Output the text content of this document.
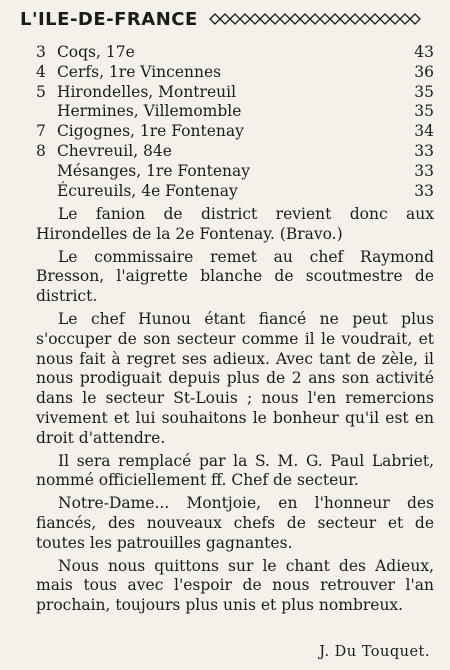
L'ILE-DE-FRANCE
3 Coqs, 17e	43
4 Cerfs, 1re Vincennes	36
5 Hirondelles, Montreuil	35
Hermines, Villemomble	35
7 Cigognes, 1re Fontenay	34
8 Chevreuil, 84e	33
Mésanges, 1re Fontenay	33
Écureuils, 4e Fontenay	33

Le fanion de district revient donc aux Hirondelles de la 2e Fontenay. (Bravo.)

Le commissaire remet au chef Raymond Bresson, l'aigrette blanche de scoutmestre de district.

Le chef Hunou étant fiancé ne peut plus s'occuper de son secteur comme il le voudrait, et nous fait à regret ses adieux. Avec tant de zèle, il nous prodiguait depuis plus de 2 ans son activité dans le secteur St-Louis ; nous l'en remercions vivement et lui souhaitons le bonheur qu'il est en droit d'attendre.

Il sera remplacé par la S. M. G. Paul Labriet, nommé officiellement ff. Chef de secteur.

Notre-Dame... Montjoie, en l'honneur des fiancés, des nouveaux chefs de secteur et de toutes les patrouilles gagnantes.

Nous nous quittons sur le chant des Adieux, mais tous avec l'espoir de nous retrouver l'an prochain, toujours plus unis et plus nombreux.

J. Du Touquet.
